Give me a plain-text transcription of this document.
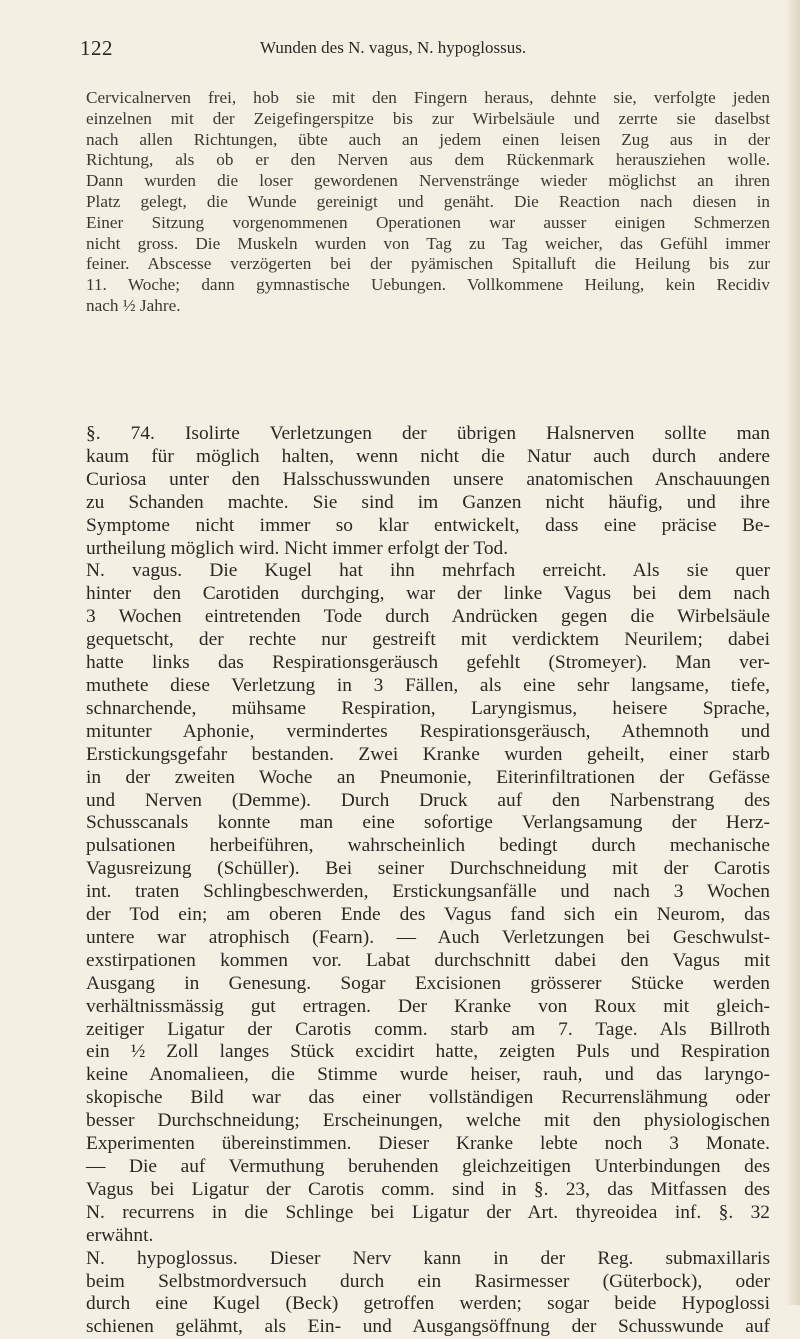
122	Wunden des N. vagus, N. hypoglossus.
Cervicalnerven frei, hob sie mit den Fingern heraus, dehnte sie, verfolgte jeden
einzelnen mit der Zeigefingerspitze bis zur Wirbelsäule und zerrte sie daselbst
nach allen Richtungen, übte auch an jedem einen leisen Zug aus in der
Richtung, als ob er den Nerven aus dem Rückenmark herausziehen wolle.
Dann wurden die loser gewordenen Nervenstränge wieder möglichst an ihren
Platz gelegt, die Wunde gereinigt und genäht. Die Reaction nach diesen in
Einer Sitzung vorgenommenen Operationen war ausser einigen Schmerzen
nicht gross. Die Muskeln wurden von Tag zu Tag weicher, das Gefühl immer
feiner. Abscesse verzögerten bei der pyämischen Spitalluft die Heilung bis zur
11. Woche; dann gymnastische Uebungen. Vollkommene Heilung, kein Recidiv
nach ½ Jahre.
§. 74. Isolirte Verletzungen der übrigen Halsnerven sollte man
kaum für möglich halten, wenn nicht die Natur auch durch andere
Curiosa unter den Halsschusswunden unsere anatomischen Anschauungen
zu Schanden machte. Sie sind im Ganzen nicht häufig, und ihre
Symptome nicht immer so klar entwickelt, dass eine präcise Be-
urtheilung möglich wird. Nicht immer erfolgt der Tod.
N. vagus. Die Kugel hat ihn mehrfach erreicht. Als sie quer
hinter den Carotiden durchging, war der linke Vagus bei dem nach
3 Wochen eintretenden Tode durch Andrücken gegen die Wirbelsäule
gequetscht, der rechte nur gestreift mit verdicktem Neurilem; dabei
hatte links das Respirationsgeräusch gefehlt (Stromeyer). Man ver-
muthete diese Verletzung in 3 Fällen, als eine sehr langsame, tiefe,
schnarchende, mühsame Respiration, Laryngismus, heisere Sprache,
mitunter Aphonie, vermindertes Respirationsgeräusch, Athemnoth und
Erstickungsgefahr bestanden. Zwei Kranke wurden geheilt, einer starb
in der zweiten Woche an Pneumonie, Eiterinfiltrationen der Gefässe
und Nerven (Demme). Durch Druck auf den Narbenstrang des
Schusscanals konnte man eine sofortige Verlangsamung der Herz-
pulsationen herbeiführen, wahrscheinlich bedingt durch mechanische
Vagusreizung (Schüller). Bei seiner Durchschneidung mit der Carotis
int. traten Schlingbeschwerden, Erstickungsanfälle und nach 3 Wochen
der Tod ein; am oberen Ende des Vagus fand sich ein Neurom, das
untere war atrophisch (Fearn). — Auch Verletzungen bei Geschwulst-
exstirpationen kommen vor. Labat durchschnitt dabei den Vagus mit
Ausgang in Genesung. Sogar Excisionen grösserer Stücke werden
verhältnissmässig gut ertragen. Der Kranke von Roux mit gleich-
zeitiger Ligatur der Carotis comm. starb am 7. Tage. Als Billroth
ein ½ Zoll langes Stück excidirt hatte, zeigten Puls und Respiration
keine Anomalieen, die Stimme wurde heiser, rauh, und das laryngo-
skopische Bild war das einer vollständigen Recurrenslähmung oder
besser Durchschneidung; Erscheinungen, welche mit den physiologischen
Experimenten übereinstimmen. Dieser Kranke lebte noch 3 Monate.
— Die auf Vermuthung beruhenden gleichzeitigen Unterbindungen des
Vagus bei Ligatur der Carotis comm. sind in §. 23, das Mitfassen des
N. recurrens in die Schlinge bei Ligatur der Art. thyreoidea inf. §. 32
erwähnt.
N. hypoglossus. Dieser Nerv kann in der Reg. submaxillaris
beim Selbstmordversuch durch ein Rasirmesser (Güterbock), oder
durch eine Kugel (Beck) getroffen werden; sogar beide Hypoglossi
schienen gelähmt, als Ein- und Ausgangsöffnung der Schusswunde auf
